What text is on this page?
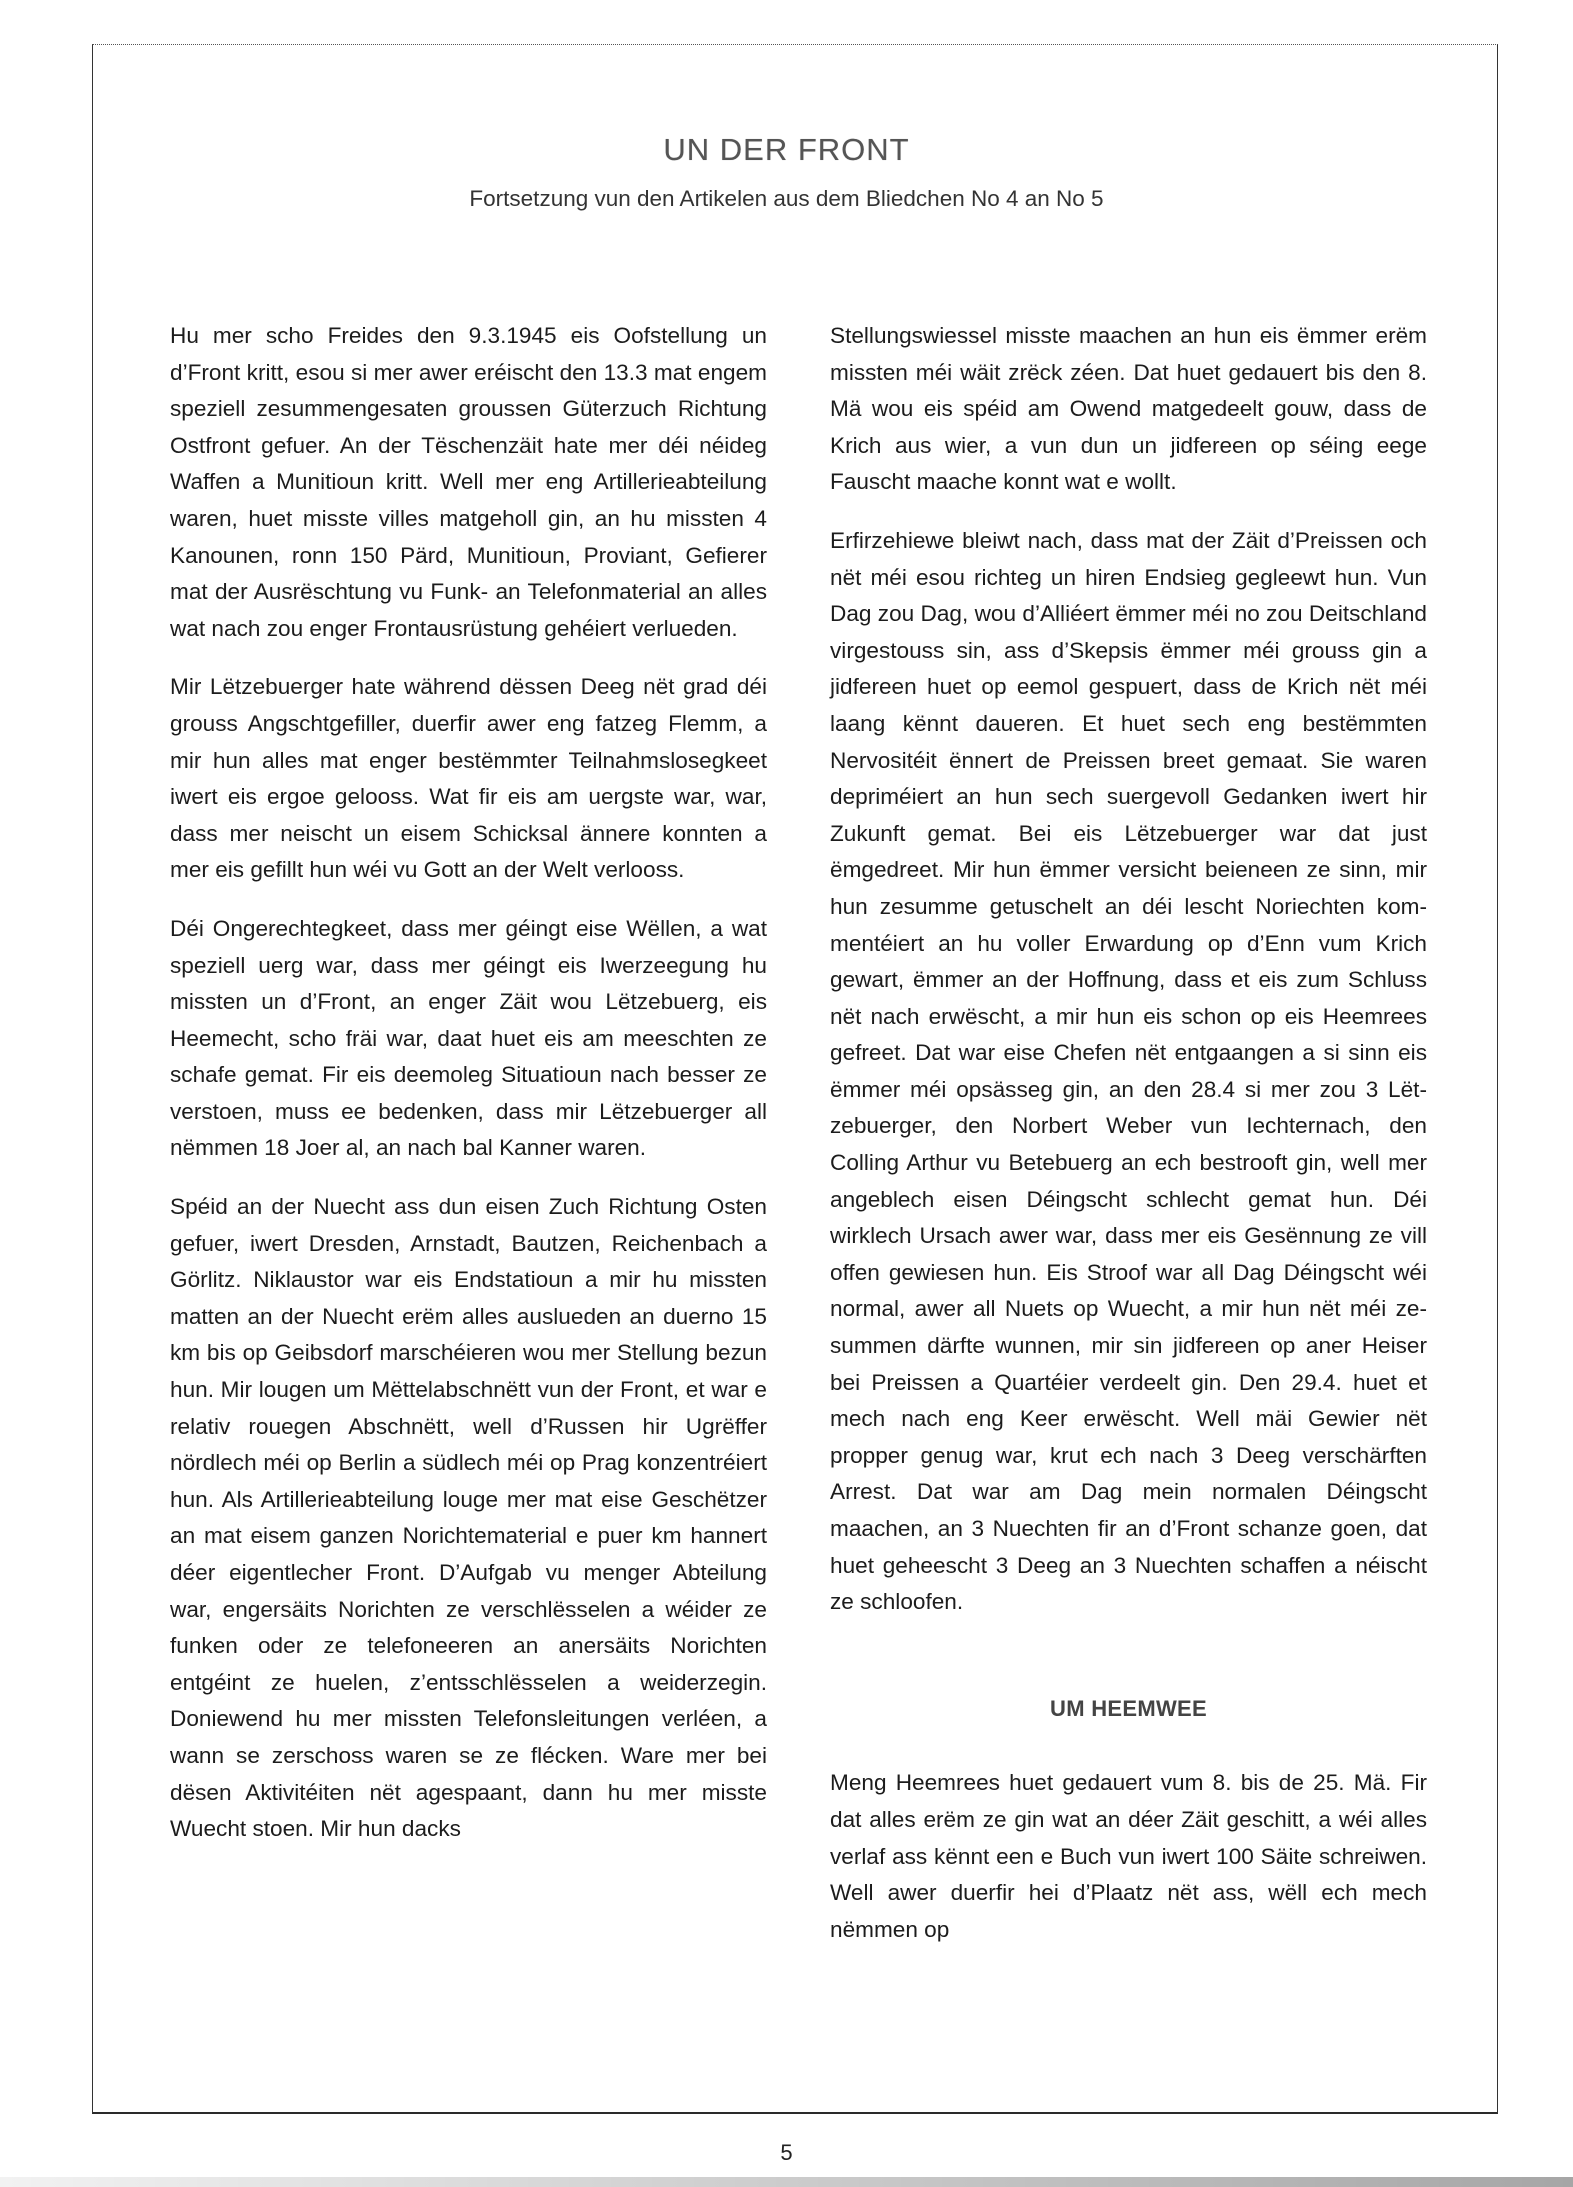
UN DER FRONT
Fortsetzung vun den Artikelen aus dem Bliedchen No 4 an No 5

Hu mer scho Freides den 9.3.1945 eis Oofstellung un d’Front kritt, esou si mer awer eréischt den 13.3 mat engem speziell zesummengesaten groussen Güterzuch Richtung Ostfront gefuer. An der Tëschenzäit hate mer déi néideg Waffen a Munitioun kritt. Well mer eng Artillerieabteilung waren, huet misste villes matgeholl gin, an hu missten 4 Kanounen, ronn 150 Pärd, Munitioun, Proviant, Gefierer mat der Ausrëschtung vu Funk- an Telefonmaterial an alles wat nach zou enger Frontausrüstung gehéiert verlueden.

Mir Lëtzebuerger hate während dëssen Deeg nët grad déi grouss Angschtgefiller, duerfir awer eng fatzeg Flemm, a mir hun alles mat enger bestëmmter Teilnahmslosegkeet iwert eis ergoe gelooss. Wat fir eis am uergste war, war, dass mer neischt un eisem Schicksal ännere konnten a mer eis gefillt hun wéi vu Gott an der Welt verlooss.

Déi Ongerechtegkeet, dass mer géingt eise Wëllen, a wat speziell uerg war, dass mer géingt eis Iwerzeegung hu missten un d’Front, an enger Zäit wou Lëtzebuerg, eis Heemecht, scho fräi war, daat huet eis am meeschten ze schafe gemat. Fir eis deemoleg Situatioun nach besser ze verstoen, muss ee bedenken, dass mir Lëtzebuerger all nëmmen 18 Joer al, an nach bal Kanner waren.

Spéid an der Nuecht ass dun eisen Zuch Richtung Osten gefuer, iwert Dresden, Arnstadt, Bautzen, Reichenbach a Görlitz. Niklaustor war eis Endstatioun a mir hu missten matten an der Nuecht erëm alles auslueden an duerno 15 km bis op Geibsdorf marschéieren wou mer Stellung bezun hun. Mir lougen um Mëttelabschnëtt vun der Front, et war e relativ rouegen Abschnëtt, well d’Russen hir Ugrëffer nördlech méi op Berlin a südlech méi op Prag konzentréiert hun. Als Artillerieabteilung louge mer mat eise Geschëtzer an mat eisem ganzen Norichtematerial e puer km hannert déer eigentlecher Front. D’Aufgab vu menger Abteilung war, engersäits Norichten ze verschlësselen a wéider ze funken oder ze telefoneeren an anersäits Norichten entgéint ze huelen, z’entsschlësselen a weiderzegin. Doniewend hu mer missten Telefonsleitungen verléen, a wann se zerschoss waren se ze flécken. Ware mer bei dësen Aktivitéiten nët agespaant, dann hu mer misste Wuecht stoen. Mir hun dacks

Stellungswiessel misste maachen an hun eis ëmmer erëm missten méi wäit zrëck zéen. Dat huet gedauert bis den 8. Mä wou eis spéid am Owend matgedeelt gouw, dass de Krich aus wier, a vun dun un jidfereen op séing eege Fauscht maache konnt wat e wollt.

Erfirzehiewe bleiwt nach, dass mat der Zäit d’Preissen och nët méi esou richteg un hiren Endsieg gegleewt hun. Vun Dag zou Dag, wou d’Alliéert ëmmer méi no zou Deitschland virgestouss sin, ass d’Skepsis ëmmer méi grouss gin a jidfereen huet op eemol gespuert, dass de Krich nët méi laang kënnt daueren. Et huet sech eng bestëmmten Nervositéit ënnert de Preissen breet gemaat. Sie waren depriméiert an hun sech suergevoll Gedanken iwert hir Zukunft gemat. Bei eis Lëtzebuerger war dat just ëmgedreet. Mir hun ëmmer versicht beieneen ze sinn, mir hun zesumme getuschelt an déi lescht Noriechten kommentéiert an hu voller Erwardung op d’Enn vum Krich gewart, ëmmer an der Hoffnung, dass et eis zum Schluss nët nach erwëscht, a mir hun eis schon op eis Heemrees gefreet. Dat war eise Chefen nët entgaangen a si sinn eis ëmmer méi opsässeg gin, an den 28.4 si mer zou 3 Lëtzebuerger, den Norbert Weber vun Iechternach, den Colling Arthur vu Betebuerg an ech bestrooft gin, well mer angeblech eisen Déingscht schlecht gemat hun. Déi wirklech Ursach awer war, dass mer eis Gesënnung ze vill offen gewiesen hun. Eis Stroof war all Dag Déingscht wéi normal, awer all Nuets op Wuecht, a mir hun nët méi zesummen därfte wunnen, mir sin jidfereen op aner Heiser bei Preissen a Quartéier verdeelt gin. Den 29.4. huet et mech nach eng Keer erwëscht. Well mäi Gewier nët propper genug war, krut ech nach 3 Deeg verschärften Arrest. Dat war am Dag mein normalen Déingscht maachen, an 3 Nuechten fir an d’Front schanze goen, dat huet geheescht 3 Deeg an 3 Nuechten schaffen a néischt ze schloofen.

UM HEEMWEE

Meng Heemrees huet gedauert vum 8. bis de 25. Mä. Fir dat alles erëm ze gin wat an déer Zäit geschitt, a wéi alles verlaf ass kënnt een e Buch vun iwert 100 Säite schreiwen. Well awer duerfir hei d’Plaatz nët ass, wëll ech mech nëmmen op

5
